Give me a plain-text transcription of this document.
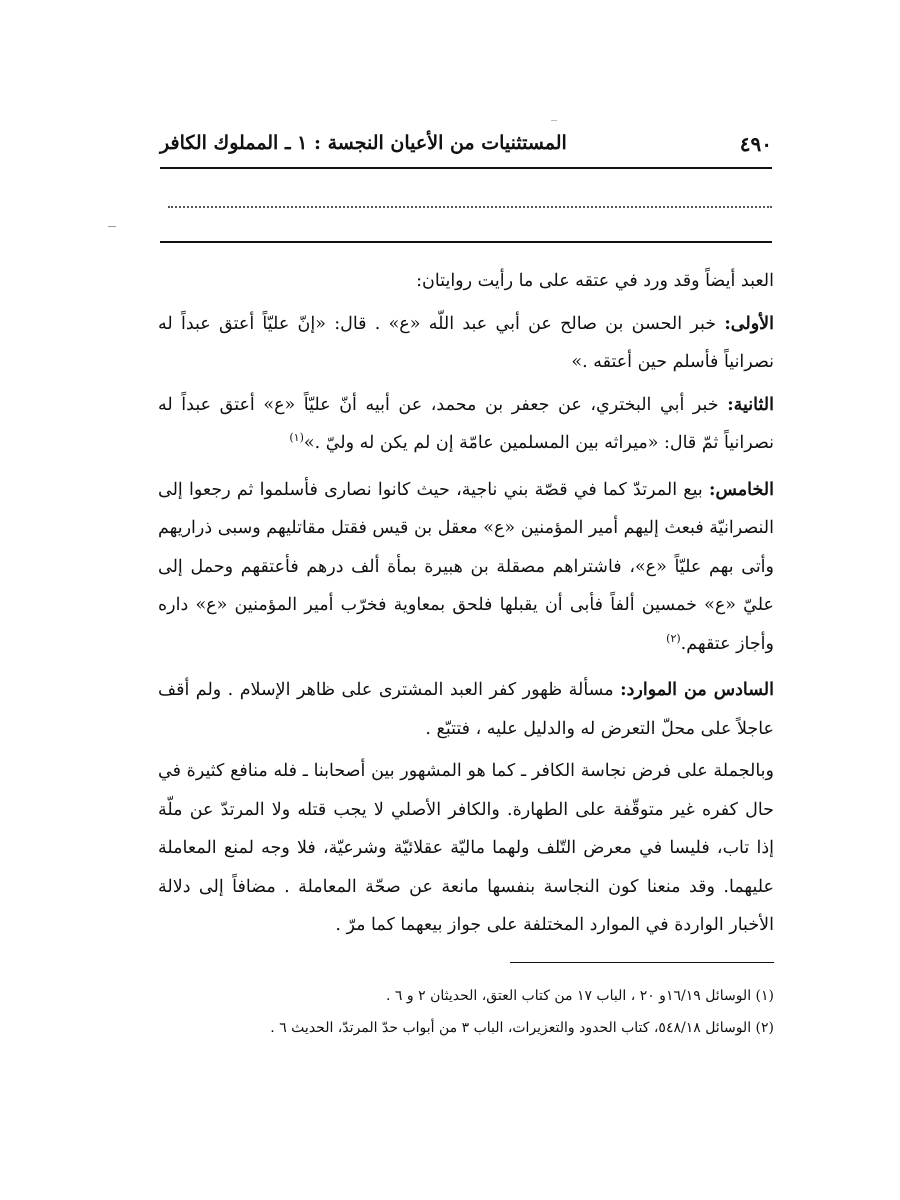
٤٩٠
المستثنيات من الأعيان النجسة : ١ ـ المملوك الكافر

العبد أيضاً وقد ورد في عتقه على ما رأيت روايتان:

الأولى: خبر الحسن بن صالح عن أبي عبد اللّه «ع» . قال: «إنّ عليّاً أعتق عبداً له نصرانياً فأسلم حين أعتقه .»

الثانية: خبر أبي البختري، عن جعفر بن محمد، عن أبيه أنّ عليّاً «ع» أعتق عبداً له نصرانياً ثمّ قال: «ميراثه بين المسلمين عامّة إن لم يكن له وليّ .»$^{(١)}$

الخامس: بيع المرتدّ كما في قصّة بني ناجية، حيث كانوا نصارى فأسلموا ثم رجعوا إلى النصرانيّة فبعث إليهم أمير المؤمنين «ع» معقل بن قيس فقتل مقاتليهم وسبى ذراريهم وأتى بهم عليّاً «ع»، فاشتراهم مصقلة بن هبيرة بمأة ألف درهم فأعتقهم وحمل إلى عليّ «ع» خمسين ألفاً فأبى أن يقبلها فلحق بمعاوية فخرّب أمير المؤمنين «ع» داره وأجاز عتقهم.$^{(٢)}$

السادس من الموارد: مسألة ظهور كفر العبد المشترى على ظاهر الإسلام . ولم أقف عاجلاً على محلّ التعرض له والدليل عليه ، فتتبّع .

وبالجملة على فرض نجاسة الكافر ـ كما هو المشهور بين أصحابنا ـ فله منافع كثيرة في حال كفره غير متوقّفة على الطهارة. والكافر الأصلي لا يجب قتله ولا المرتدّ عن ملّة إذا تاب، فليسا في معرض التّلف ولهما ماليّة عقلائيّة وشرعيّة، فلا وجه لمنع المعاملة عليهما. وقد منعنا كون النجاسة بنفسها مانعة عن صحّة المعاملة . مضافاً إلى دلالة الأخبار الواردة في الموارد المختلفة على جواز بيعهما كما مرّ .

(١) الوسائل ١٦/١٩و ٢٠ ، الباب ١٧ من كتاب العتق، الحديثان ٢ و ٦ .
(٢) الوسائل ٥٤٨/١٨، كتاب الحدود والتعزيرات، الباب ٣ من أبواب حدّ المرتدّ، الحديث ٦ .
